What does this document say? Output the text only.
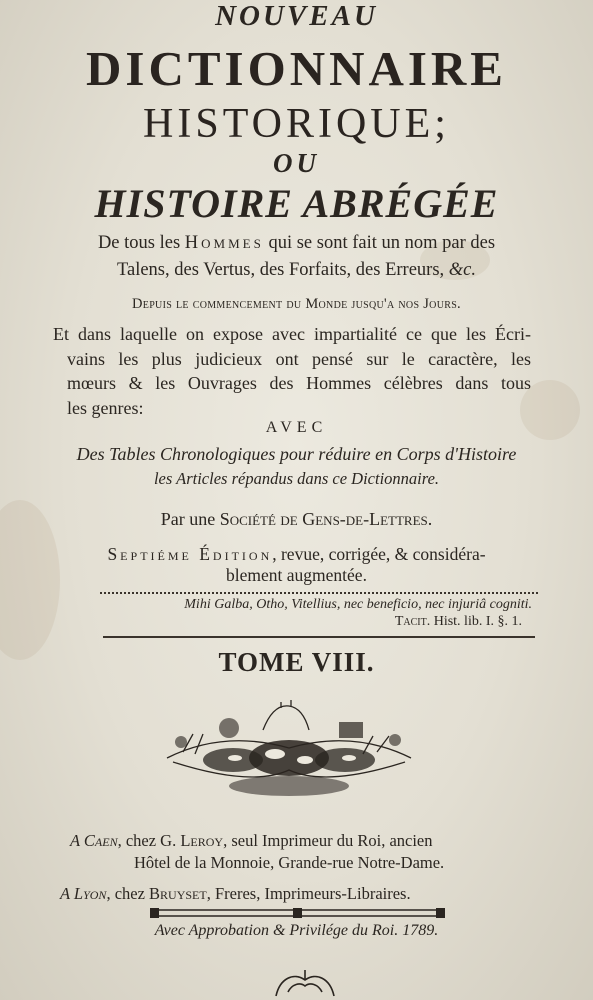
NOUVEAU
DICTIONNAIRE
HISTORIQUE;
OU
HISTOIRE ABRÉGÉE
De tous les Hommes qui se sont fait un nom par des
Talens, des Vertus, des Forfaits, des Erreurs, &c.
Depuis le commencement du Monde jusqu'a nos Jours.
Et dans laquelle on expose avec impartialité ce que les Écri-
vains les plus judicieux ont pensé sur le caractère, les
mœurs & les Ouvrages des Hommes célèbres dans tous
les genres:
AVEC
Des Tables Chronologiques pour réduire en Corps d'Histoire
les Articles répandus dans ce Dictionnaire.
Par une Société de Gens-de-Lettres.
Septiéme Édition, revue, corrigée, & considéra-
blement augmentée.
Mihi Galba, Otho, Vitellius, nec beneficio, nec injuriâ cogniti.
Tacit. Hist. lib. I. §. 1.
TOME VIII.
A Caen, chez G. Leroy, seul Imprimeur du Roi, ancien
Hôtel de la Monnoie, Grande-rue Notre-Dame.
A Lyon, chez Bruyset, Freres, Imprimeurs-Libraires.
Avec Approbation & Privilége du Roi. 1789.
